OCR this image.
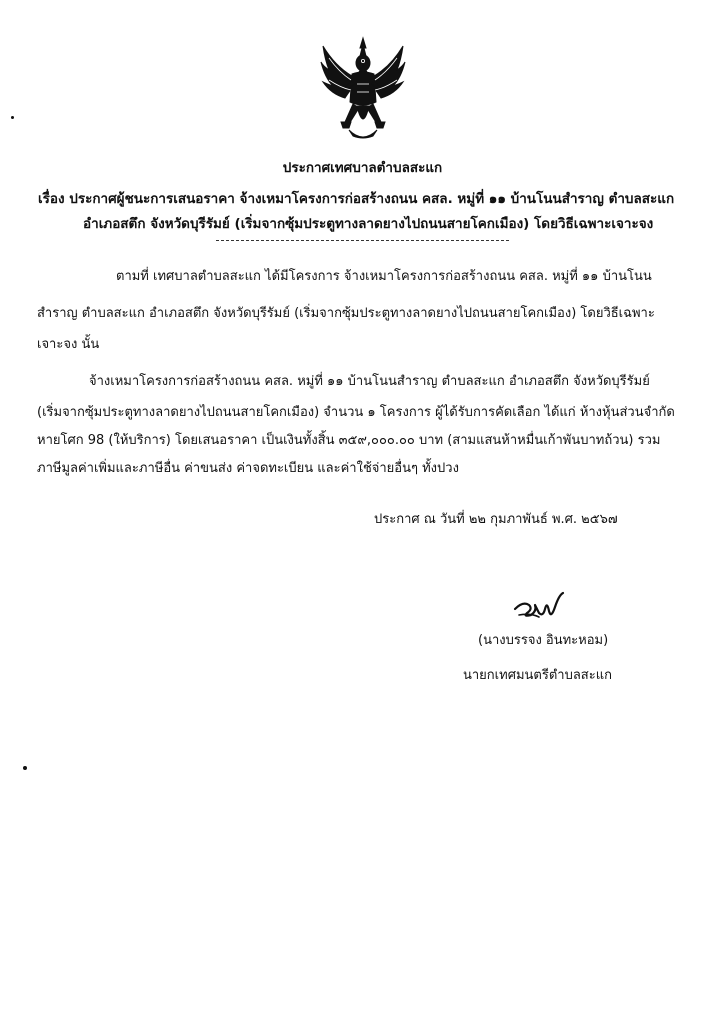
ประกาศเทศบาลตำบลสะแก
เรื่อง ประกาศผู้ชนะการเสนอราคา จ้างเหมาโครงการก่อสร้างถนน คสล. หมู่ที่ ๑๑ บ้านโนนสำราญ ตำบลสะแก
อำเภอสตึก จังหวัดบุรีรัมย์ (เริ่มจากซุ้มประตูทางลาดยางไปถนนสายโคกเมือง) โดยวิธีเฉพาะเจาะจง
ตามที่ เทศบาลตำบลสะแก ได้มีโครงการ จ้างเหมาโครงการก่อสร้างถนน คสล. หมู่ที่ ๑๑ บ้านโนน
สำราญ ตำบลสะแก อำเภอสตึก จังหวัดบุรีรัมย์ (เริ่มจากซุ้มประตูทางลาดยางไปถนนสายโคกเมือง) โดยวิธีเฉพาะ
เจาะจง นั้น
จ้างเหมาโครงการก่อสร้างถนน คสล. หมู่ที่ ๑๑ บ้านโนนสำราญ ตำบลสะแก อำเภอสตึก จังหวัดบุรีรัมย์
(เริ่มจากซุ้มประตูทางลาดยางไปถนนสายโคกเมือง) จำนวน ๑ โครงการ ผู้ได้รับการคัดเลือก ได้แก่ ห้างหุ้นส่วนจำกัด
หายโศก 98 (ให้บริการ) โดยเสนอราคา เป็นเงินทั้งสิ้น ๓๕๙,๐๐๐.๐๐ บาท (สามแสนห้าหมื่นเก้าพันบาทถ้วน) รวม
ภาษีมูลค่าเพิ่มและภาษีอื่น ค่าขนส่ง ค่าจดทะเบียน และค่าใช้จ่ายอื่นๆ ทั้งปวง
ประกาศ ณ วันที่ ๒๒ กุมภาพันธ์ พ.ศ. ๒๕๖๗
(นางบรรจง อินทะหอม)
นายกเทศมนตรีตำบลสะแก
